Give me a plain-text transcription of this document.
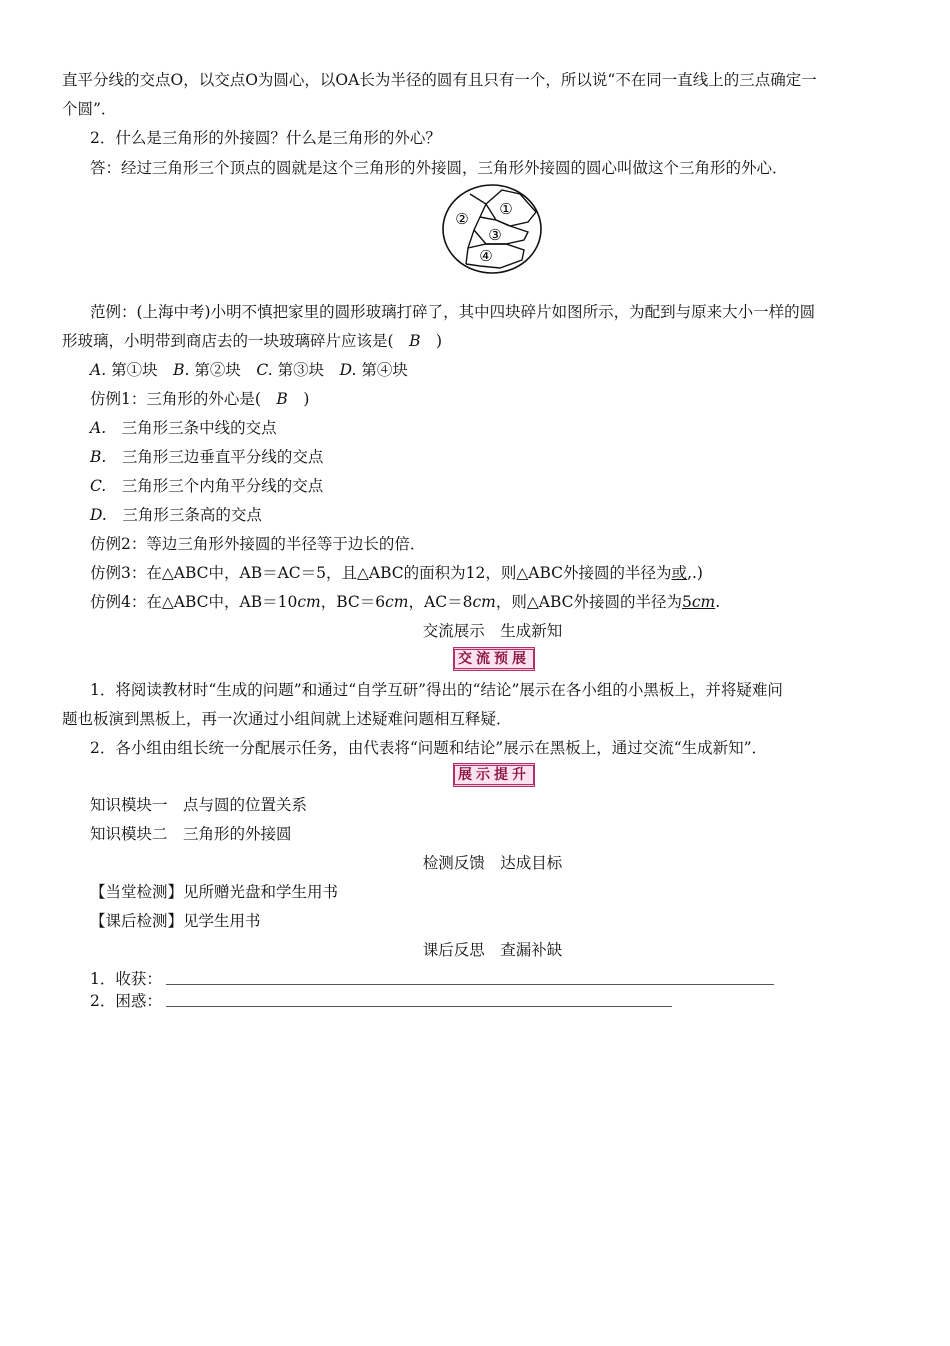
直平分线的交点O，以交点O为圆心，以OA长为半径的圆有且只有一个，所以说“不在同一直线上的三点确定一
个圆”．
2．什么是三角形的外接圆？什么是三角形的外心？
答：经过三角形三个顶点的圆就是这个三角形的外接圆，三角形外接圆的圆心叫做这个三角形的外心．
②
①
③
④
范例：(上海中考)小明不慎把家里的圆形玻璃打碎了，其中四块碎片如图所示，为配到与原来大小一样的圆
形玻璃，小明带到商店去的一块玻璃碎片应该是(　B　)
A. 第①块　 B. 第②块　 C. 第③块　 D. 第④块
仿例1：三角形的外心是(　B　)
A.　 三角形三条中线的交点
B.　 三角形三边垂直平分线的交点
C.　 三角形三个内角平分线的交点
D.　 三角形三条高的交点
仿例2：等边三角形外接圆的半径等于边长的倍．
仿例3：在△ABC中，AB＝AC＝5，且△ABC的面积为12，则△ABC外接圆的半径为或,.)
仿例4：在△ABC中，AB＝10cm，BC＝6cm，AC＝8cm，则△ABC外接圆的半径为5cm.
交流展示　生成新知
交流预展
1．将阅读教材时“生成的问题”和通过“自学互研”得出的“结论”展示在各小组的小黑板上，并将疑难问
题也板演到黑板上，再一次通过小组间就上述疑难问题相互释疑．
2．各小组由组长统一分配展示任务，由代表将“问题和结论”展示在黑板上，通过交流“生成新知”．
展示提升
知识模块一　点与圆的位置关系
知识模块二　三角形的外接圆
检测反馈　达成目标
【当堂检测】见所赠光盘和学生用书
【课后检测】见学生用书
课后反思　查漏补缺
1．收获：
2．困惑：
